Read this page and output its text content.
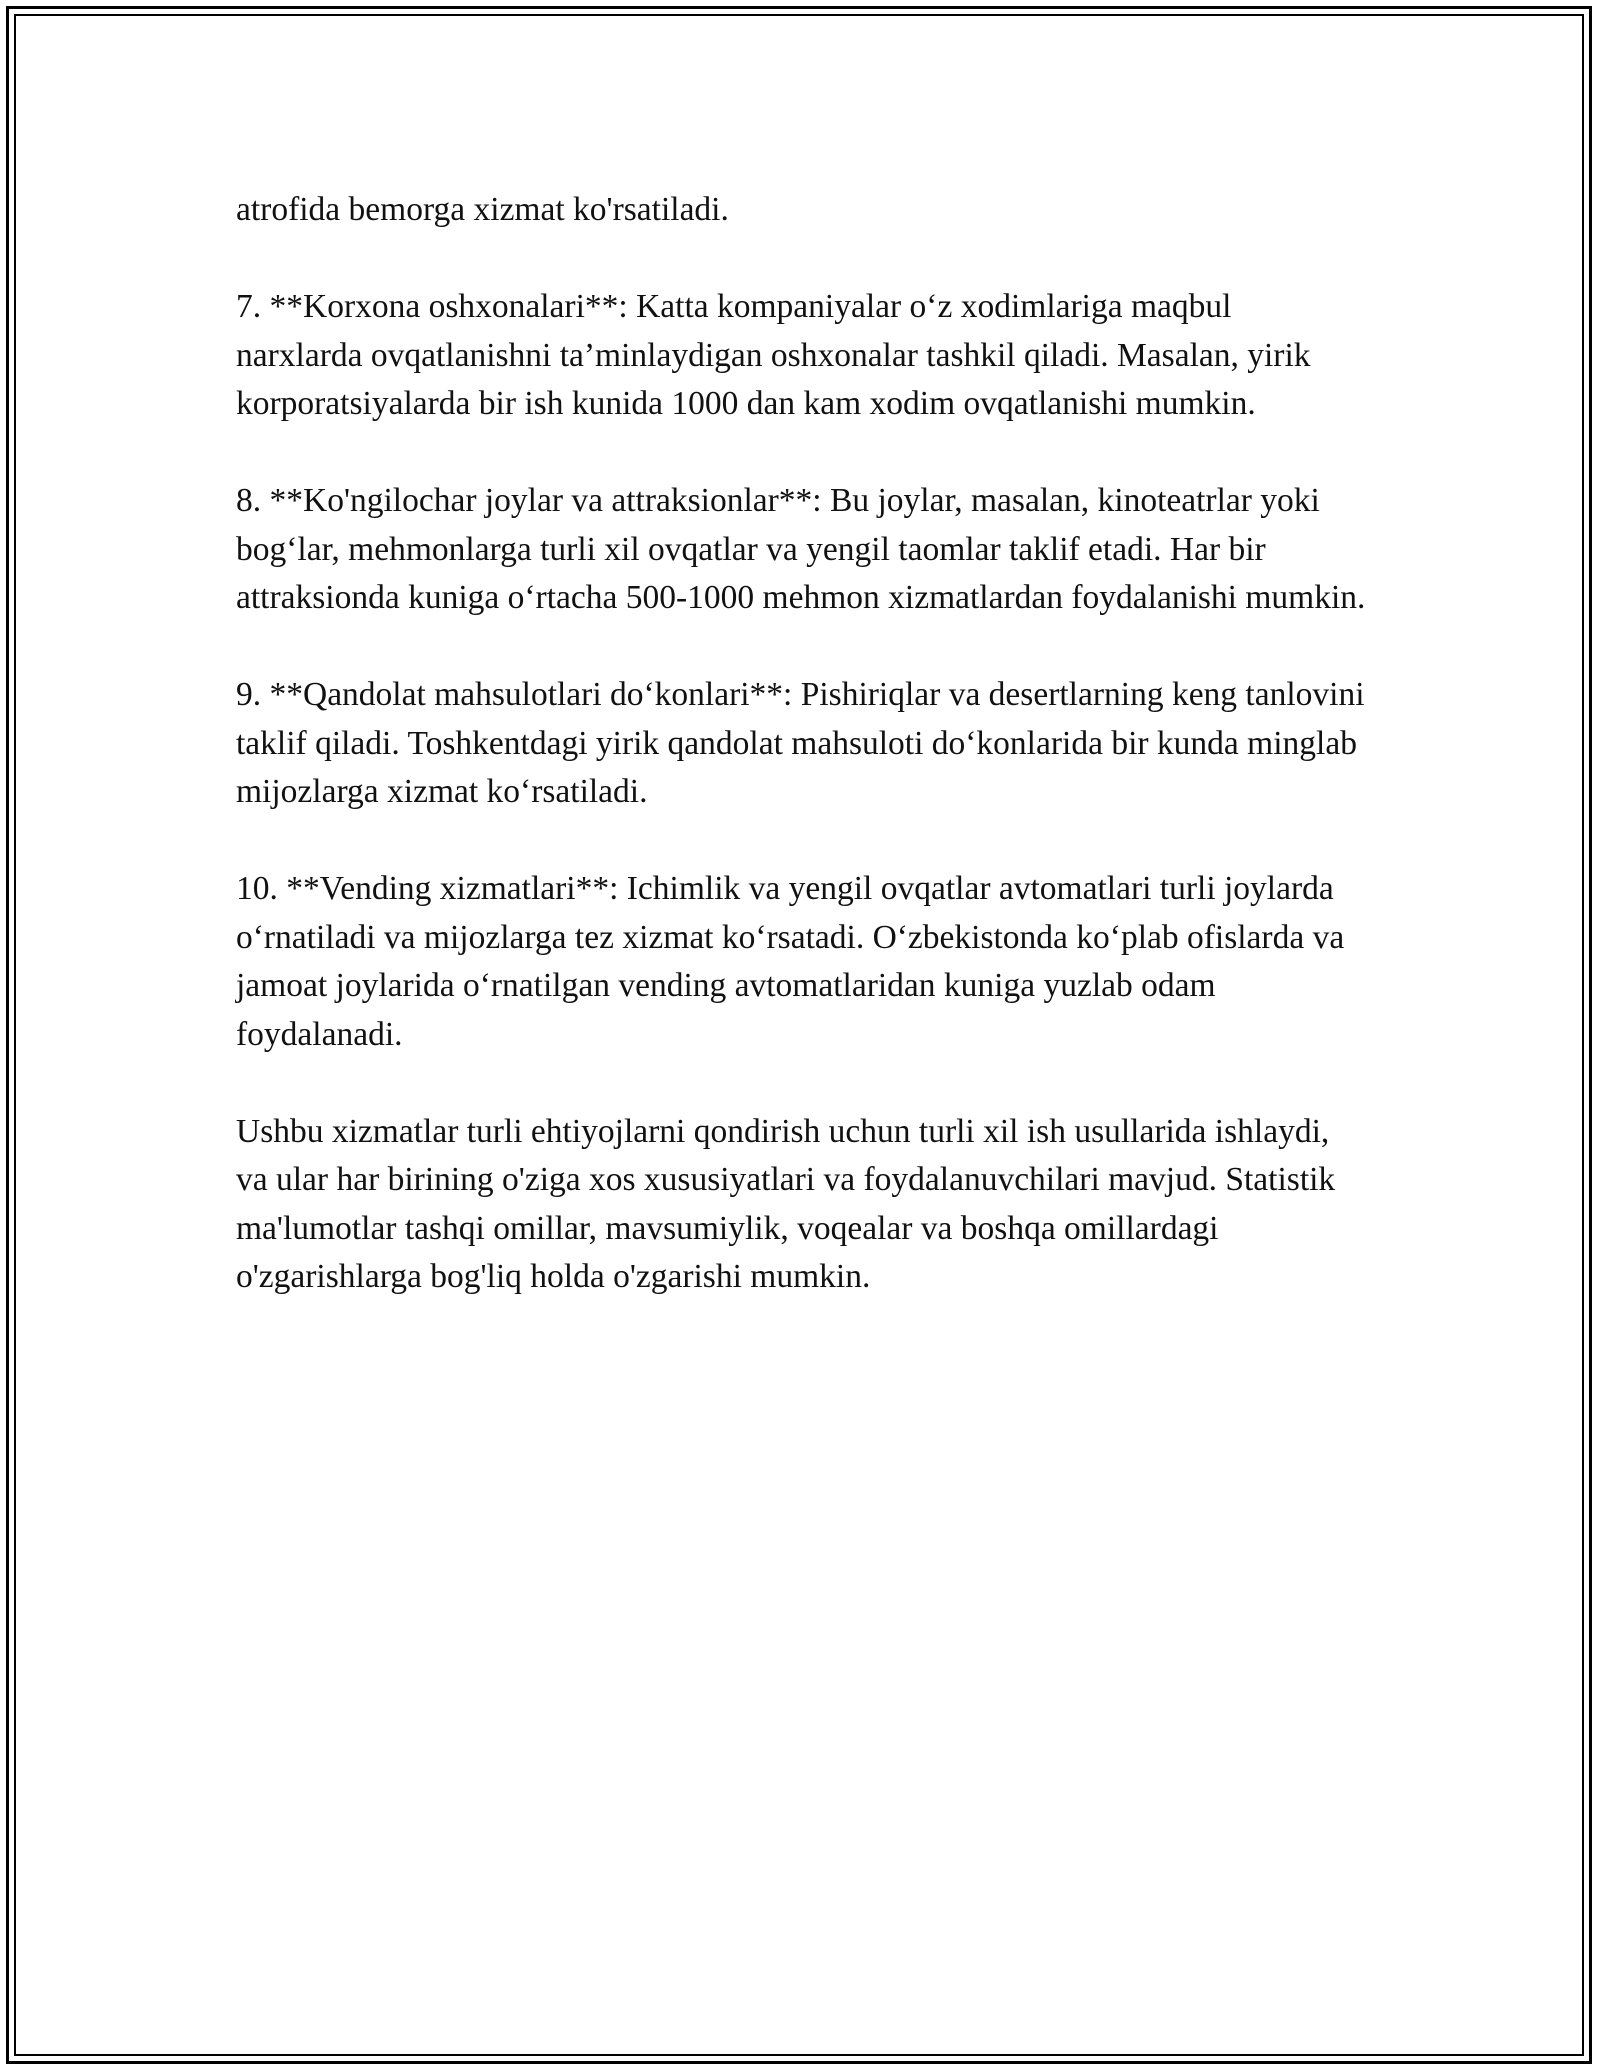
atrofida bemorga xizmat ko'rsatiladi.

7. **Korxona oshxonalari**: Katta kompaniyalar o‘z xodimlariga maqbul narxlarda ovqatlanishni ta’minlaydigan oshxonalar tashkil qiladi. Masalan, yirik korporatsiyalarda bir ish kunida 1000 dan kam xodim ovqatlanishi mumkin.

8. **Ko'ngilochar joylar va attraksionlar**: Bu joylar, masalan, kinoteatrlar yoki bog‘lar, mehmonlarga turli xil ovqatlar va yengil taomlar taklif etadi. Har bir attraksionda kuniga o‘rtacha 500-1000 mehmon xizmatlardan foydalanishi mumkin.

9. **Qandolat mahsulotlari do‘konlari**: Pishiriqlar va desertlarning keng tanlovini taklif qiladi. Toshkentdagi yirik qandolat mahsuloti do‘konlarida bir kunda minglab mijozlarga xizmat ko‘rsatiladi.

10. **Vending xizmatlari**: Ichimlik va yengil ovqatlar avtomatlari turli joylarda o‘rnatiladi va mijozlarga tez xizmat ko‘rsatadi. O‘zbekistonda ko‘plab ofislarda va jamoat joylarida o‘rnatilgan vending avtomatlaridan kuniga yuzlab odam foydalanadi.

Ushbu xizmatlar turli ehtiyojlarni qondirish uchun turli xil ish usullarida ishlaydi, va ular har birining o'ziga xos xususiyatlari va foydalanuvchilari mavjud. Statistik ma'lumotlar tashqi omillar, mavsumiylik, voqealar va boshqa omillardagi o'zgarishlarga bog'liq holda o'zgarishi mumkin.
